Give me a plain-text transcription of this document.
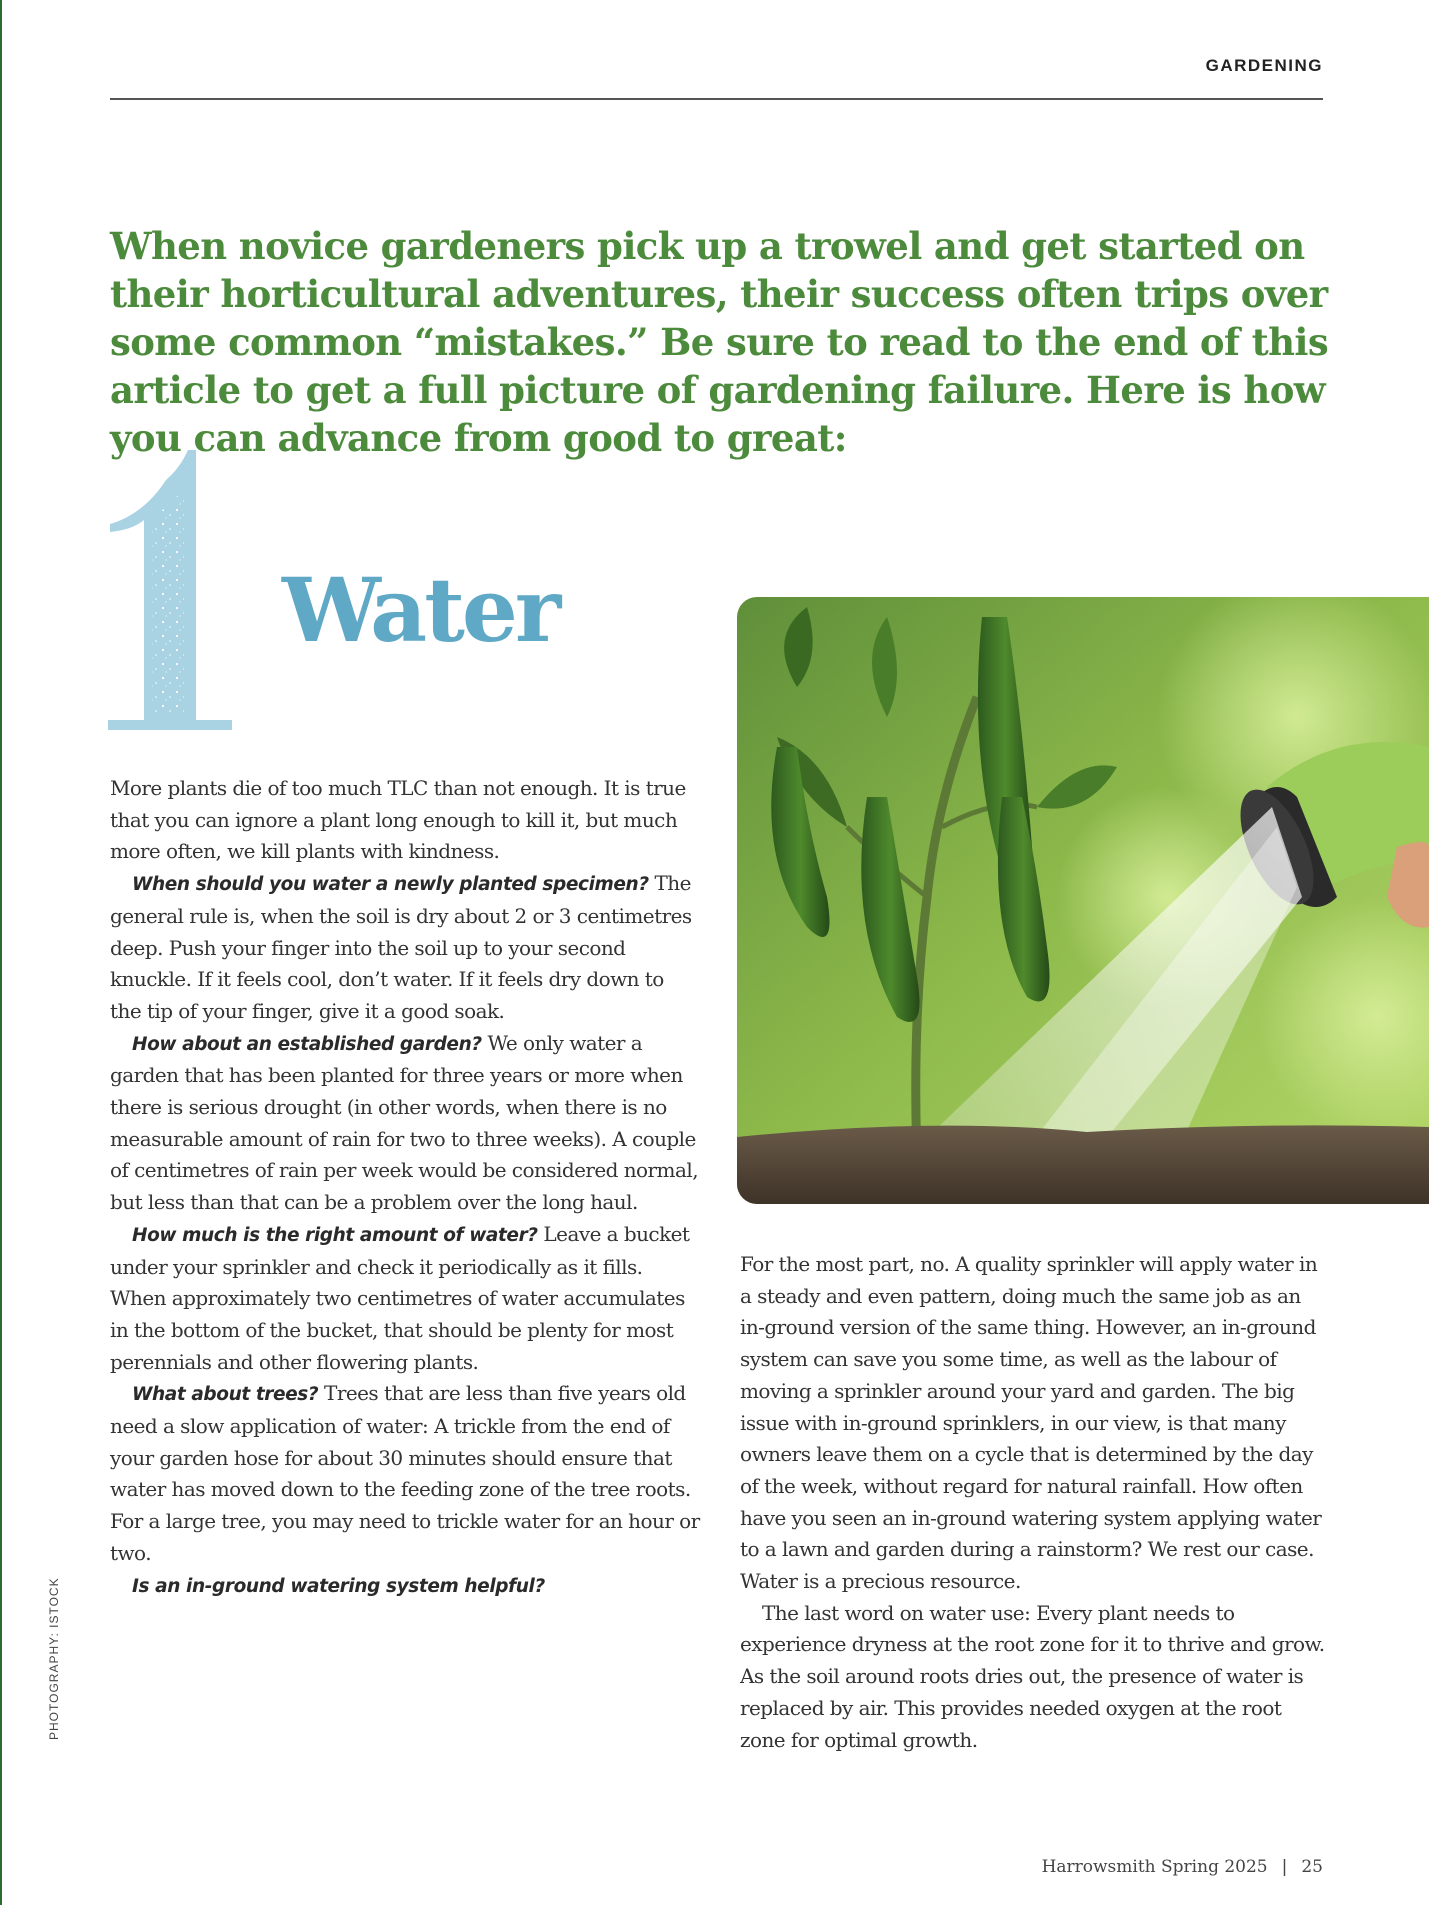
GARDENING

When novice gardeners pick up a trowel and get started on their horticultural adventures, their success often trips over some common “mistakes.” Be sure to read to the end of this article to get a full picture of gardening failure. Here is how you can advance from good to great:

Water

More plants die of too much TLC than not enough. It is true that you can ignore a plant long enough to kill it, but much more often, we kill plants with kindness.

When should you water a newly planted specimen? The general rule is, when the soil is dry about 2 or 3 centimetres deep. Push your finger into the soil up to your second knuckle. If it feels cool, don’t water. If it feels dry down to the tip of your finger, give it a good soak.

How about an established garden? We only water a garden that has been planted for three years or more when there is serious drought (in other words, when there is no measurable amount of rain for two to three weeks). A couple of centimetres of rain per week would be considered normal, but less than that can be a problem over the long haul.

How much is the right amount of water? Leave a bucket under your sprinkler and check it periodically as it fills. When approximately two centimetres of water accumulates in the bottom of the bucket, that should be plenty for most perennials and other flowering plants.

What about trees? Trees that are less than five years old need a slow application of water: A trickle from the end of your garden hose for about 30 minutes should ensure that water has moved down to the feeding zone of the tree roots. For a large tree, you may need to trickle water for an hour or two.

Is an in-ground watering system helpful?

For the most part, no. A quality sprinkler will apply water in a steady and even pattern, doing much the same job as an in-ground version of the same thing. However, an in-ground system can save you some time, as well as the labour of moving a sprinkler around your yard and garden. The big issue with in-ground sprinklers, in our view, is that many owners leave them on a cycle that is determined by the day of the week, without regard for natural rainfall. How often have you seen an in-ground watering system applying water to a lawn and garden during a rainstorm? We rest our case. Water is a precious resource.

The last word on water use: Every plant needs to experience dryness at the root zone for it to thrive and grow. As the soil around roots dries out, the presence of water is replaced by air. This provides needed oxygen at the root zone for optimal growth.

PHOTOGRAPHY: ISTOCK
Harrowsmith Spring 2025 | 25
